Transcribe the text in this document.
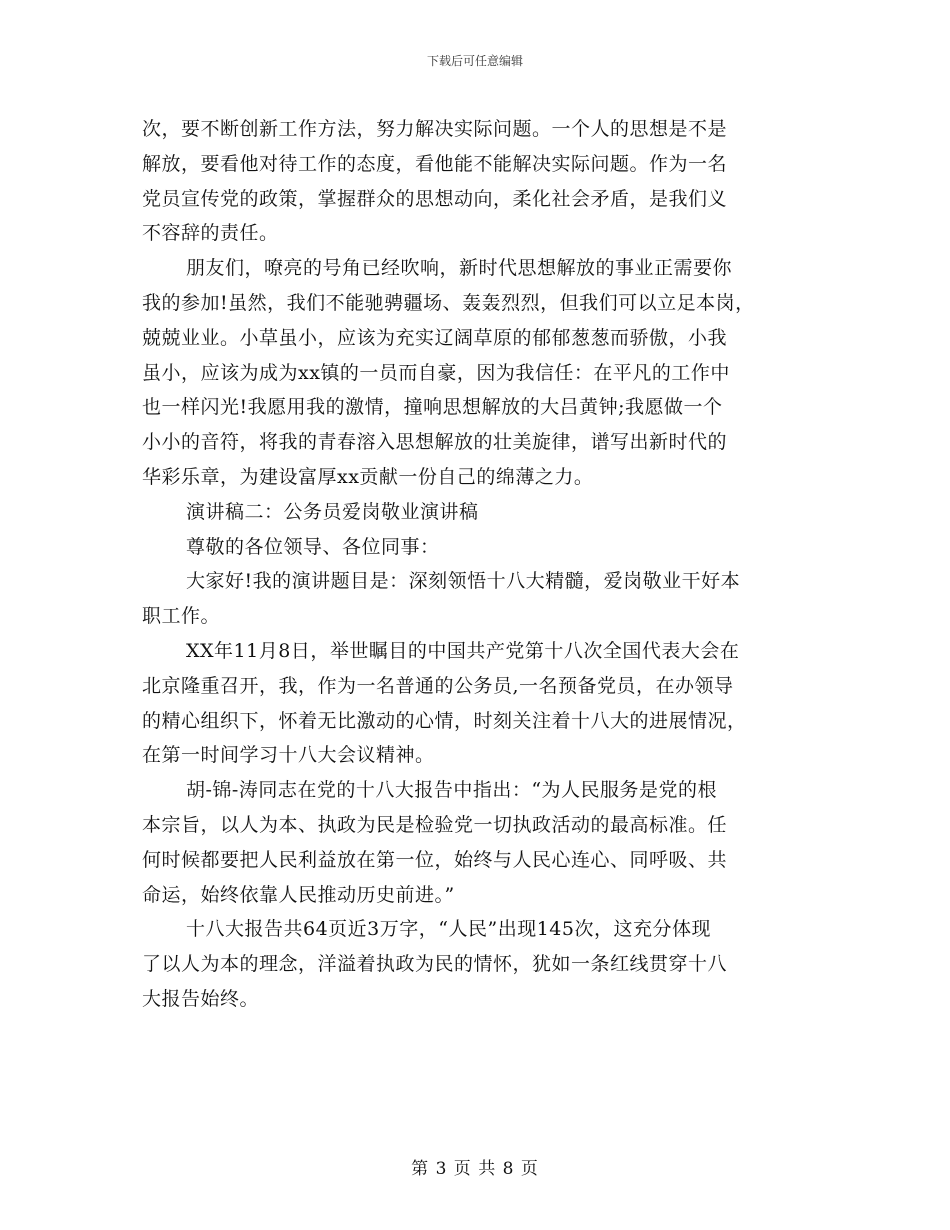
下载后可任意编辑
次，要不断创新工作方法，努力解决实际问题。一个人的思想是不是
解放，要看他对待工作的态度，看他能不能解决实际问题。作为一名
党员宣传党的政策，掌握群众的思想动向，柔化社会矛盾，是我们义
不容辞的责任。
朋友们，嘹亮的号角已经吹响，新时代思想解放的事业正需要你
我的参加!虽然，我们不能驰骋疆场、轰轰烈烈，但我们可以立足本岗，
兢兢业业。小草虽小，应该为充实辽阔草原的郁郁葱葱而骄傲，小我
虽小，应该为成为xx镇的一员而自豪，因为我信任：在平凡的工作中
也一样闪光!我愿用我的激情，撞响思想解放的大吕黄钟;我愿做一个
小小的音符，将我的青春溶入思想解放的壮美旋律，谱写出新时代的
华彩乐章，为建设富厚xx贡献一份自己的绵薄之力。
演讲稿二：公务员爱岗敬业演讲稿
尊敬的各位领导、各位同事：
大家好!我的演讲题目是：深刻领悟十八大精髓，爱岗敬业干好本
职工作。
XX年11月8日，举世瞩目的中国共产党第十八次全国代表大会在
北京隆重召开，我，作为一名普通的公务员,一名预备党员，在办领导
的精心组织下，怀着无比激动的心情，时刻关注着十八大的进展情况，
在第一时间学习十八大会议精神。
胡-锦-涛同志在党的十八大报告中指出：“为人民服务是党的根
本宗旨，以人为本、执政为民是检验党一切执政活动的最高标准。任
何时候都要把人民利益放在第一位，始终与人民心连心、同呼吸、共
命运，始终依靠人民推动历史前进。”
十八大报告共64页近3万字，“人民”出现145次，这充分体现
了以人为本的理念，洋溢着执政为民的情怀，犹如一条红线贯穿十八
大报告始终。
第 3 页 共 8 页
